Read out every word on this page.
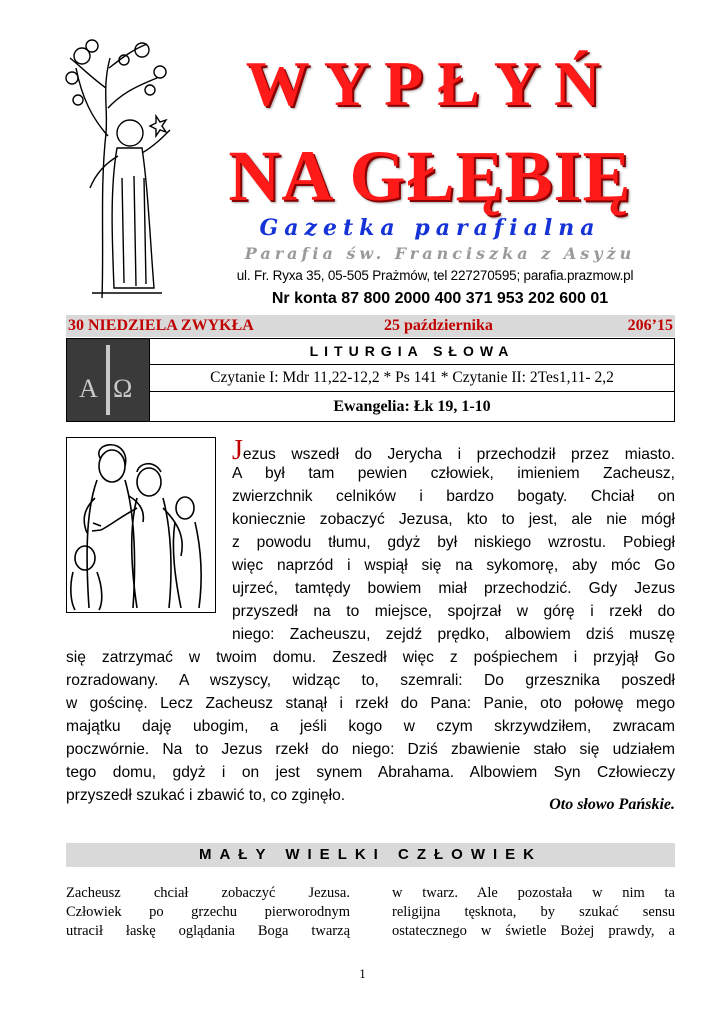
WYPŁYŃ
NA GŁĘBIĘ
Gazetka parafialna
Parafia św. Franciszka z Asyżu
ul. Fr. Ryxa 35, 05-505 Prażmów, tel 227270595; parafia.prazmow.pl
Nr konta 87 800 2000 400 371 953 202 600 01
30 NIEDZIELA ZWYKŁA	25 października	206’15
A Ω
LITURGIA SŁOWA
Czytanie I: Mdr 11,22-12,2 * Ps 141 * Czytanie II: 2Tes1,11- 2,2
Ewangelia: Łk 19, 1-10
Jezus wszedł do Jerycha i przechodził przez miasto.
A był tam pewien człowiek, imieniem Zacheusz,
zwierzchnik celników i bardzo bogaty. Chciał on
koniecznie zobaczyć Jezusa, kto to jest, ale nie mógł
z powodu tłumu, gdyż był niskiego wzrostu. Pobiegł
więc naprzód i wspiął się na sykomorę, aby móc Go
ujrzeć, tamtędy bowiem miał przechodzić. Gdy Jezus
przyszedł na to miejsce, spojrzał w górę i rzekł do
niego: Zacheuszu, zejdź prędko, albowiem dziś muszę
się zatrzymać w twoim domu. Zeszedł więc z pośpiechem i przyjął Go
rozradowany. A wszyscy, widząc to, szemrali: Do grzesznika poszedł
w gościnę. Lecz Zacheusz stanął i rzekł do Pana: Panie, oto połowę mego
majątku daję ubogim, a jeśli kogo w czym skrzywdziłem, zwracam
poczwórnie. Na to Jezus rzekł do niego: Dziś zbawienie stało się udziałem
tego domu, gdyż i on jest synem Abrahama. Albowiem Syn Człowieczy
przyszedł szukać i zbawić to, co zginęło.
Oto słowo Pańskie.
MAŁY WIELKI CZŁOWIEK
Zacheusz chciał zobaczyć Jezusa.
Człowiek po grzechu pierworodnym
utracił łaskę oglądania Boga twarzą
w twarz. Ale pozostała w nim ta
religijna tęsknota, by szukać sensu
ostatecznego w świetle Bożej prawdy, a
1
